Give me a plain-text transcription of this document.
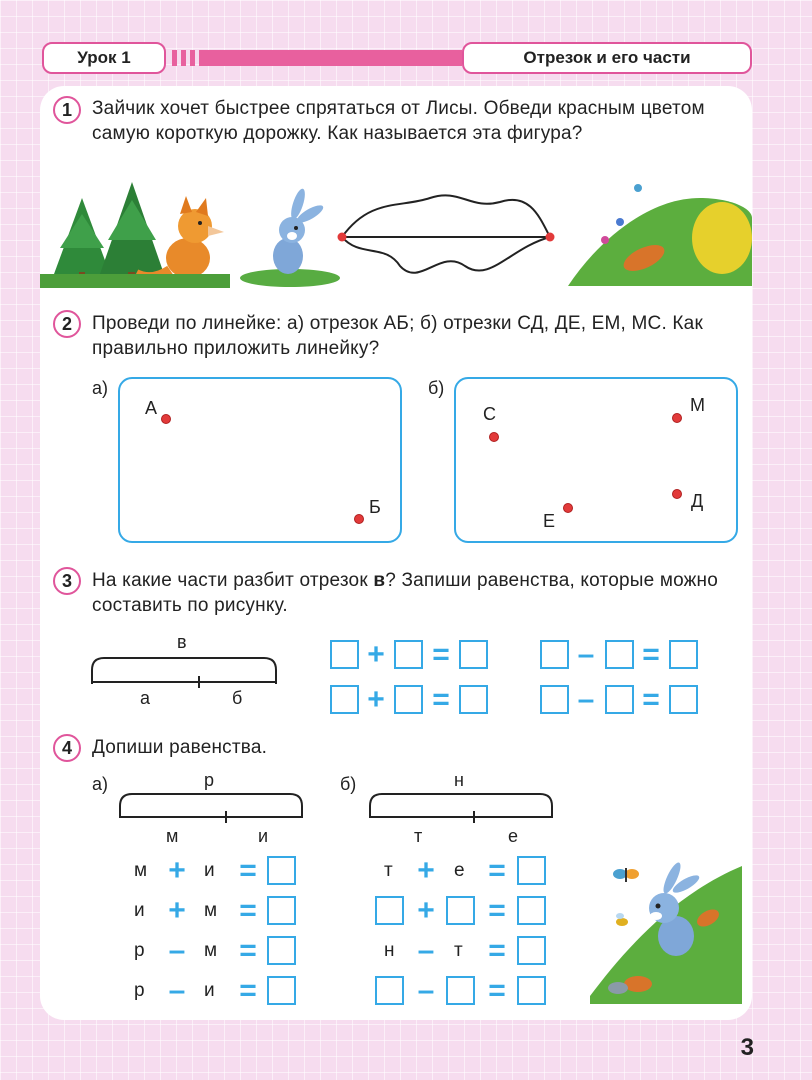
Урок 1	Отрезок и его части
1	Зайчик хочет быстрее спрятаться от Лисы. Обведи красным цветом самую короткую дорожку. Как называется эта фигура?
2	Проведи по линейке: а) отрезок АБ; б) отрезки СД, ДЕ, ЕМ, МС. Как правильно приложить линейку?
а)
А
Б
б)
С	М
Е
Д
3	На какие части разбит отрезок в? Запиши равенства, которые можно составить по рисунку.
в
а	б
+ =
+ =
– =
– =
4	Допиши равенства.
а)	р
м	и
б)	н
т	е
м + и =
и + м =
р – м =
р – и =
т + е =
+ =
н – т =
– =
3
